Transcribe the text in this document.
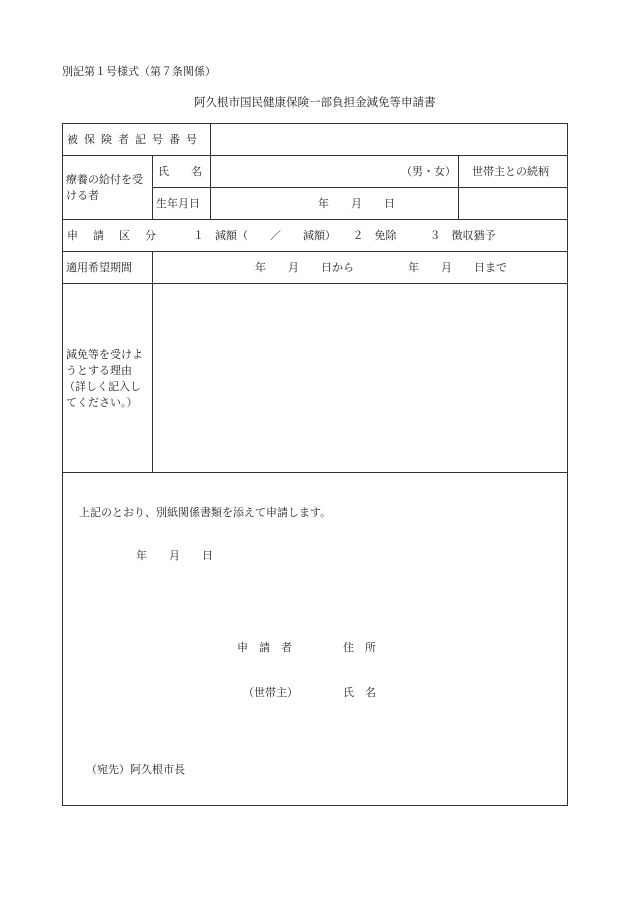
別記第１号様式（第７条関係）
阿久根市国民健康保険一部負担金減免等申請書
被保険者記号番号
療養の給付を受
ける者
氏　　名	（男・女） 世帯主との続柄
生年月日	年　　月　　日
申　請　区　分	１　減額（　　／　　減額）　　２　免除　　　３　徴収猶予
適用希望期間	年　　月　　日から	年　　月　　日まで
減免等を受けよ
うとする理由
（詳しく記入し
てください。）
上記のとおり、別紙関係書類を添えて申請します。
年　　月　　日
申　請　者	住　所
（世帯主）	氏　名
（宛先）阿久根市長
